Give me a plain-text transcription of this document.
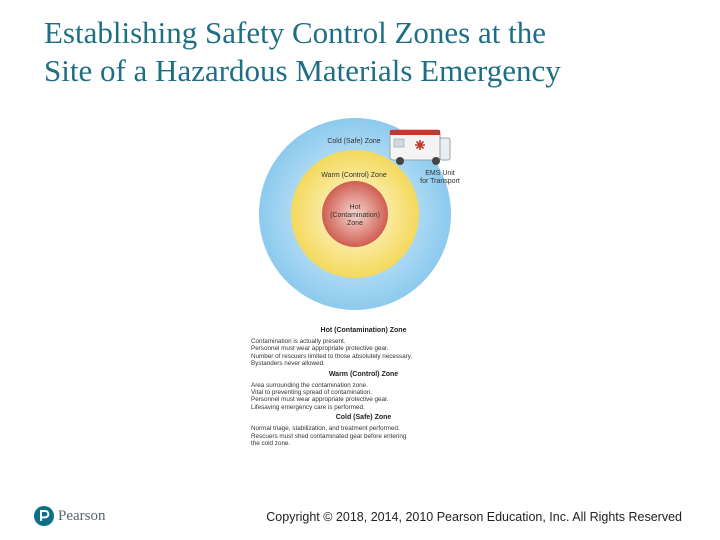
Establishing Safety Control Zones at the
Site of a Hazardous Materials Emergency
Cold (Safe) Zone
Warm (Control) Zone
Hot
(Contamination)
Zone
EMS Unit
for Transport
Hot (Contamination) Zone
Contamination is actually present.
Personnel must wear appropriate protective gear.
Number of rescuers limited to those absolutely necessary.
Bystanders never allowed.
Warm (Control) Zone
Area surrounding the contamination zone.
Vital to preventing spread of contamination.
Personnel must wear appropriate protective gear.
Lifesaving emergency care is performed.
Cold (Safe) Zone
Normal triage, stabilization, and treatment performed.
Rescuers must shed contaminated gear before entering
the cold zone.
Pearson	Copyright © 2018, 2014, 2010 Pearson Education, Inc. All Rights Reserved
